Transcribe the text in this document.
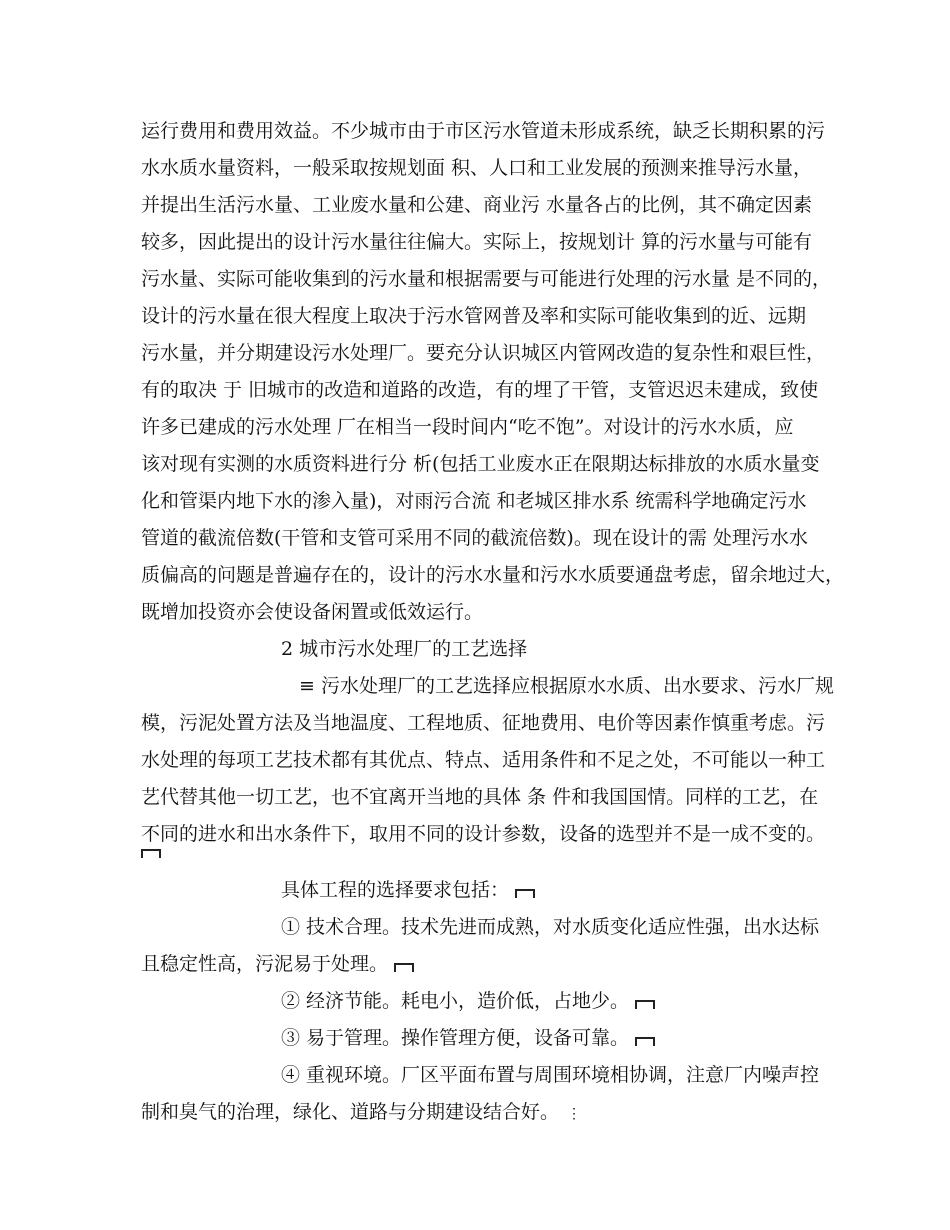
运行费用和费用效益。不少城市由于市区污水管道未形成系统，缺乏长期积累的污
水水质水量资料，一般采取按规划面 积、人口和工业发展的预测来推导污水量，
并提出生活污水量、工业废水量和公建、商业污 水量各占的比例，其不确定因素
较多，因此提出的设计污水量往往偏大。实际上，按规划计 算的污水量与可能有
污水量、实际可能收集到的污水量和根据需要与可能进行处理的污水量 是不同的，
设计的污水量在很大程度上取决于污水管网普及率和实际可能收集到的近、远期
污水量，并分期建设污水处理厂。要充分认识城区内管网改造的复杂性和艰巨性，
有的取决 于 旧城市的改造和道路的改造，有的埋了干管，支管迟迟未建成，致使
许多已建成的污水处理 厂在相当一段时间内“吃不饱”。对设计的污水水质，应
该对现有实测的水质资料进行分 析(包括工业废水正在限期达标排放的水质水量变
化和管渠内地下水的渗入量)，对雨污合流 和老城区排水系 统需科学地确定污水
管道的截流倍数(干管和支管可采用不同的截流倍数)。现在设计的需 处理污水水
质偏高的问题是普遍存在的，设计的污水水量和污水水质要通盘考虑，留余地过大，
既增加投资亦会使设备闲置或低效运行。
2 城市污水处理厂的工艺选择
≡ 污水处理厂的工艺选择应根据原水水质、出水要求、污水厂规
模，污泥处置方法及当地温度、工程地质、征地费用、电价等因素作慎重考虑。污
水处理的每项工艺技术都有其优点、特点、适用条件和不足之处，不可能以一种工
艺代替其他一切工艺，也不宜离开当地的具体 条 件和我国国情。同样的工艺，在
不同的进水和出水条件下，取用不同的设计参数，设备的选型并不是一成不变的。
具体工程的选择要求包括：
① 技术合理。技术先进而成熟，对水质变化适应性强，出水达标
且稳定性高，污泥易于处理。
② 经济节能。耗电小，造价低，占地少。
③ 易于管理。操作管理方便，设备可靠。
④ 重视环境。厂区平面布置与周围环境相协调，注意厂内噪声控
制和臭气的治理，绿化、道路与分期建设结合好。 ⋮
